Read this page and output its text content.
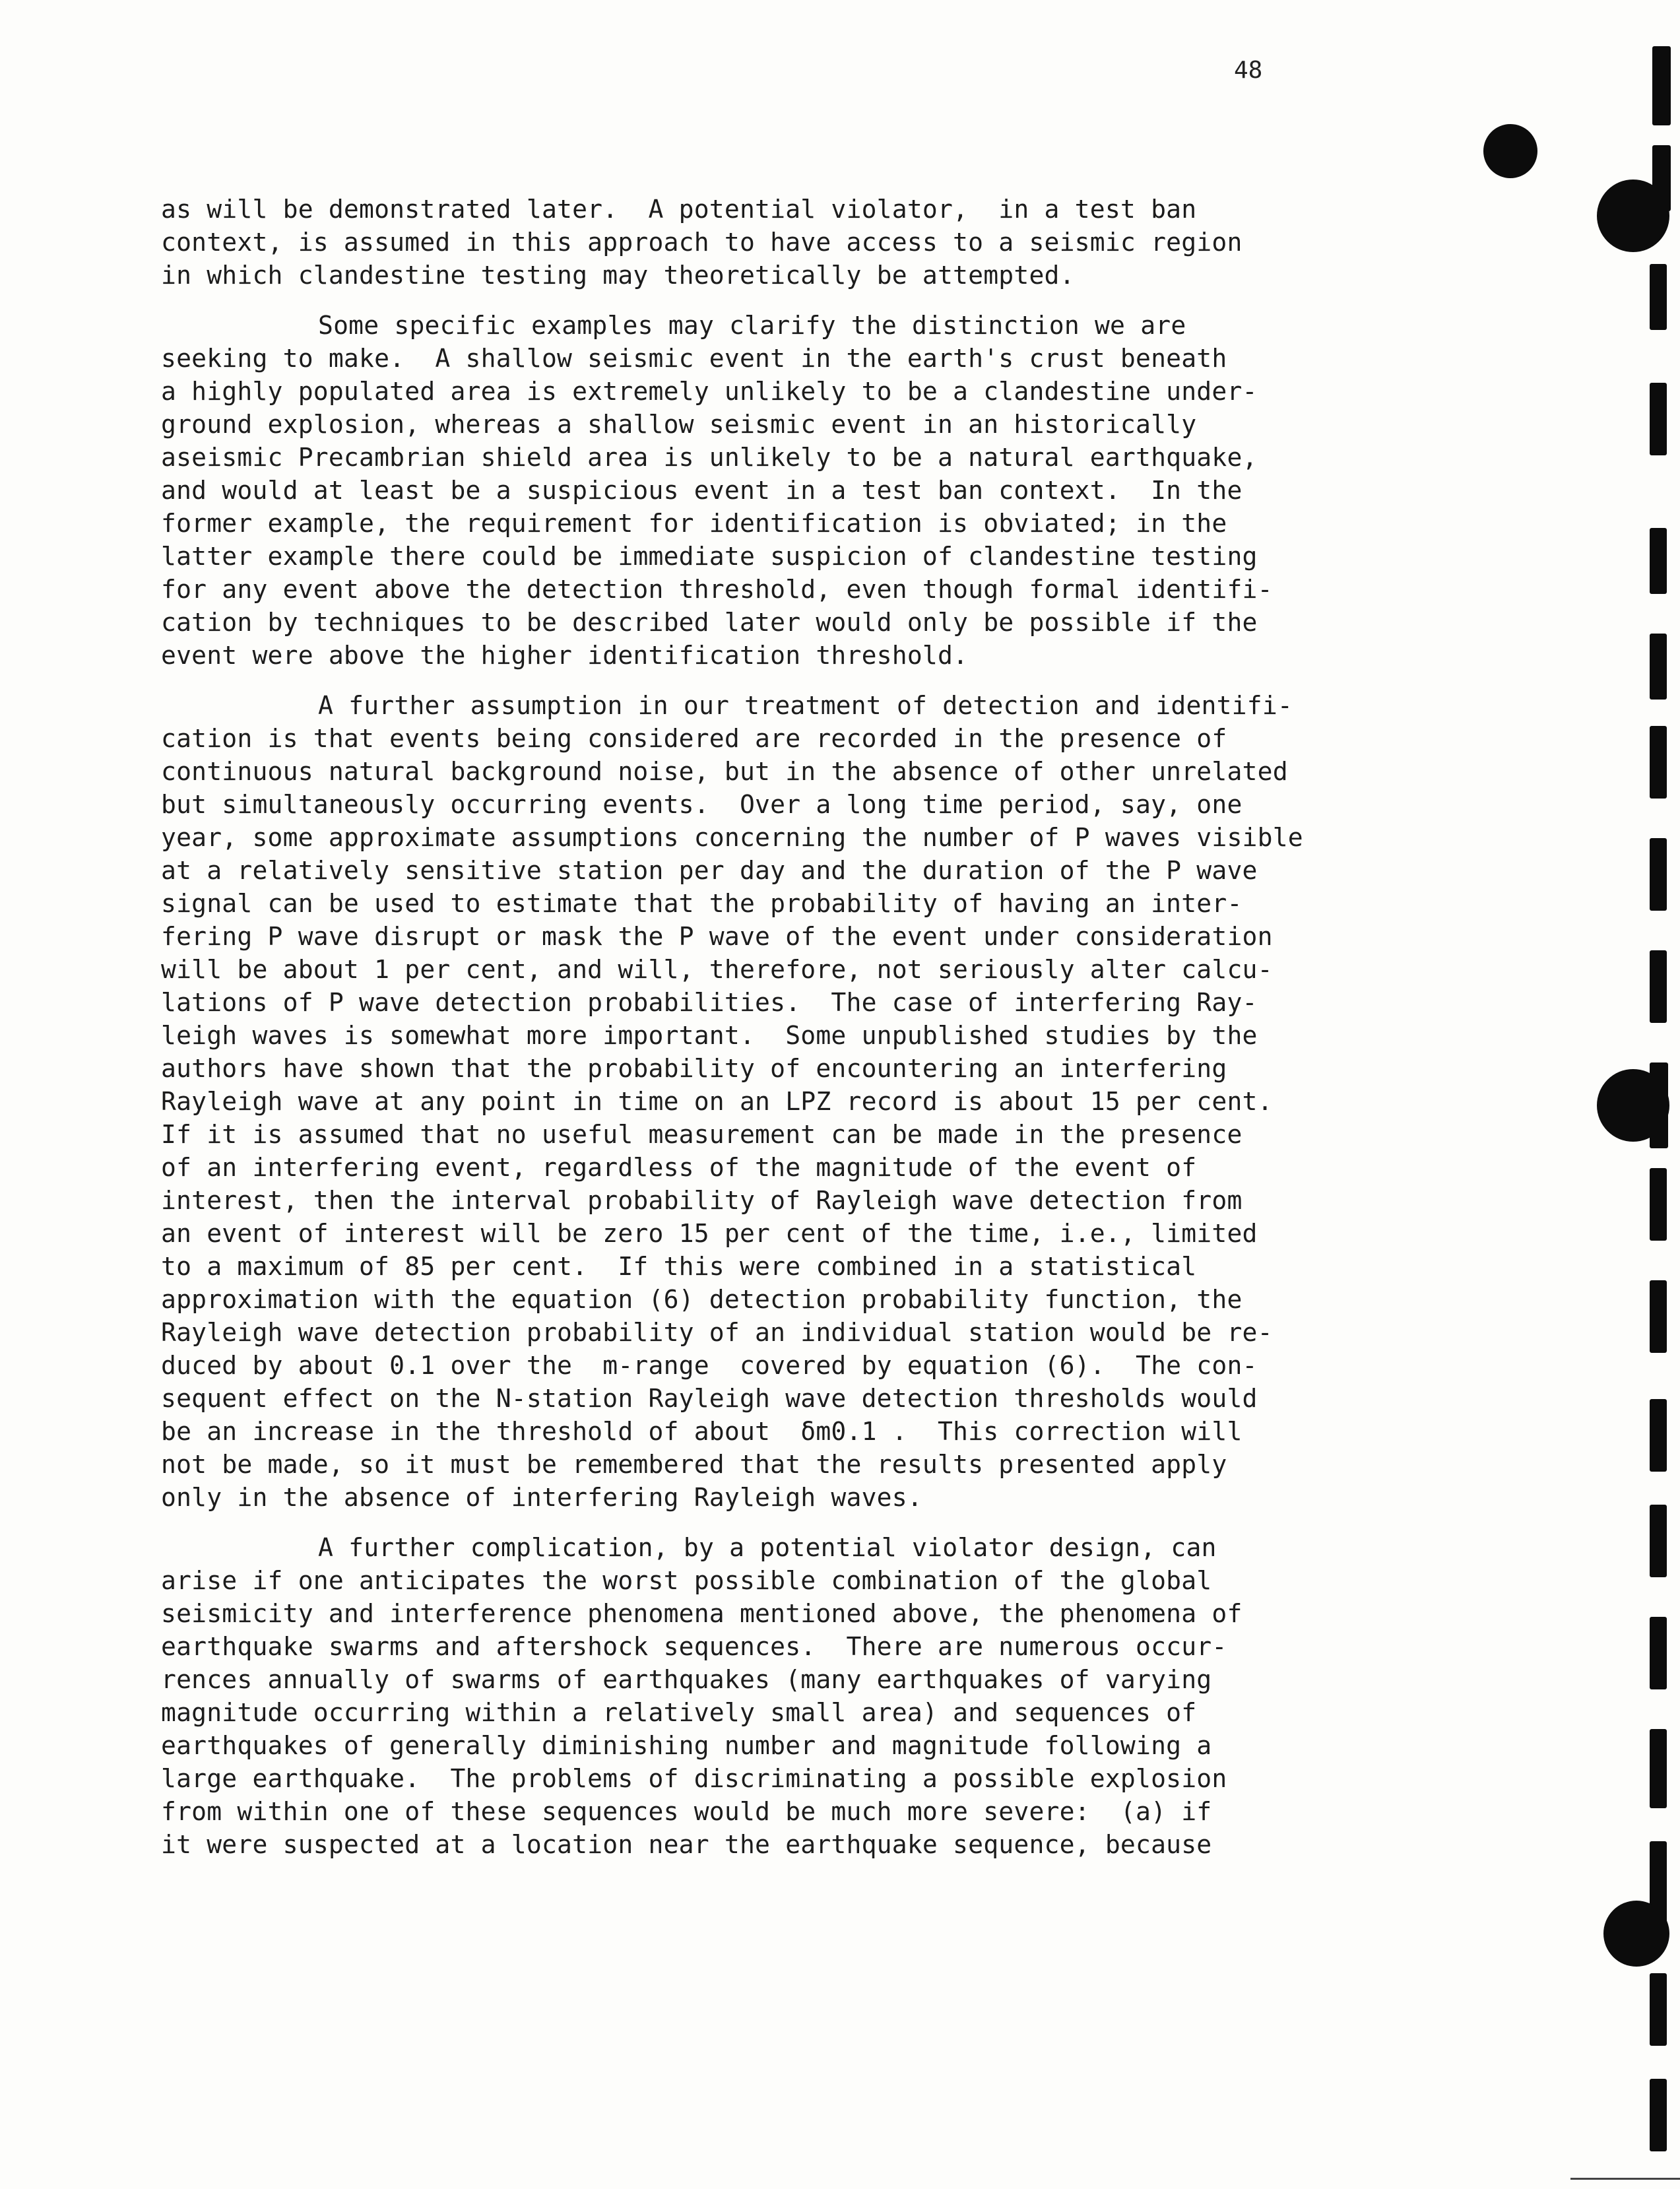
48

as will be demonstrated later.  A potential violator,  in a test ban
context, is assumed in this approach to have access to a seismic region
in which clandestine testing may theoretically be attempted.
Some specific examples may clarify the distinction we are
seeking to make.  A shallow seismic event in the earth's crust beneath
a highly populated area is extremely unlikely to be a clandestine under-
ground explosion, whereas a shallow seismic event in an historically
aseismic Precambrian shield area is unlikely to be a natural earthquake,
and would at least be a suspicious event in a test ban context.  In the
former example, the requirement for identification is obviated; in the
latter example there could be immediate suspicion of clandestine testing
for any event above the detection threshold, even though formal identifi-
cation by techniques to be described later would only be possible if the
event were above the higher identification threshold.
A further assumption in our treatment of detection and identifi-
cation is that events being considered are recorded in the presence of
continuous natural background noise, but in the absence of other unrelated
but simultaneously occurring events.  Over a long time period, say, one
year, some approximate assumptions concerning the number of P waves visible
at a relatively sensitive station per day and the duration of the P wave
signal can be used to estimate that the probability of having an inter-
fering P wave disrupt or mask the P wave of the event under consideration
will be about 1 per cent, and will, therefore, not seriously alter calcu-
lations of P wave detection probabilities.  The case of interfering Ray-
leigh waves is somewhat more important.  Some unpublished studies by the
authors have shown that the probability of encountering an interfering
Rayleigh wave at any point in time on an LPZ record is about 15 per cent.
If it is assumed that no useful measurement can be made in the presence
of an interfering event, regardless of the magnitude of the event of
interest, then the interval probability of Rayleigh wave detection from
an event of interest will be zero 15 per cent of the time, i.e., limited
to a maximum of 85 per cent.  If this were combined in a statistical
approximation with the equation (6) detection probability function, the
Rayleigh wave detection probability of an individual station would be re-
duced by about 0.1 over the  m-range  covered by equation (6).  The con-
sequent effect on the N-station Rayleigh wave detection thresholds would
be an increase in the threshold of about  δm0.1 .  This correction will
not be made, so it must be remembered that the results presented apply
only in the absence of interfering Rayleigh waves.
A further complication, by a potential violator design, can
arise if one anticipates the worst possible combination of the global
seismicity and interference phenomena mentioned above, the phenomena of
earthquake swarms and aftershock sequences.  There are numerous occur-
rences annually of swarms of earthquakes (many earthquakes of varying
magnitude occurring within a relatively small area) and sequences of
earthquakes of generally diminishing number and magnitude following a
large earthquake.  The problems of discriminating a possible explosion
from within one of these sequences would be much more severe:  (a) if
it were suspected at a location near the earthquake sequence, because
